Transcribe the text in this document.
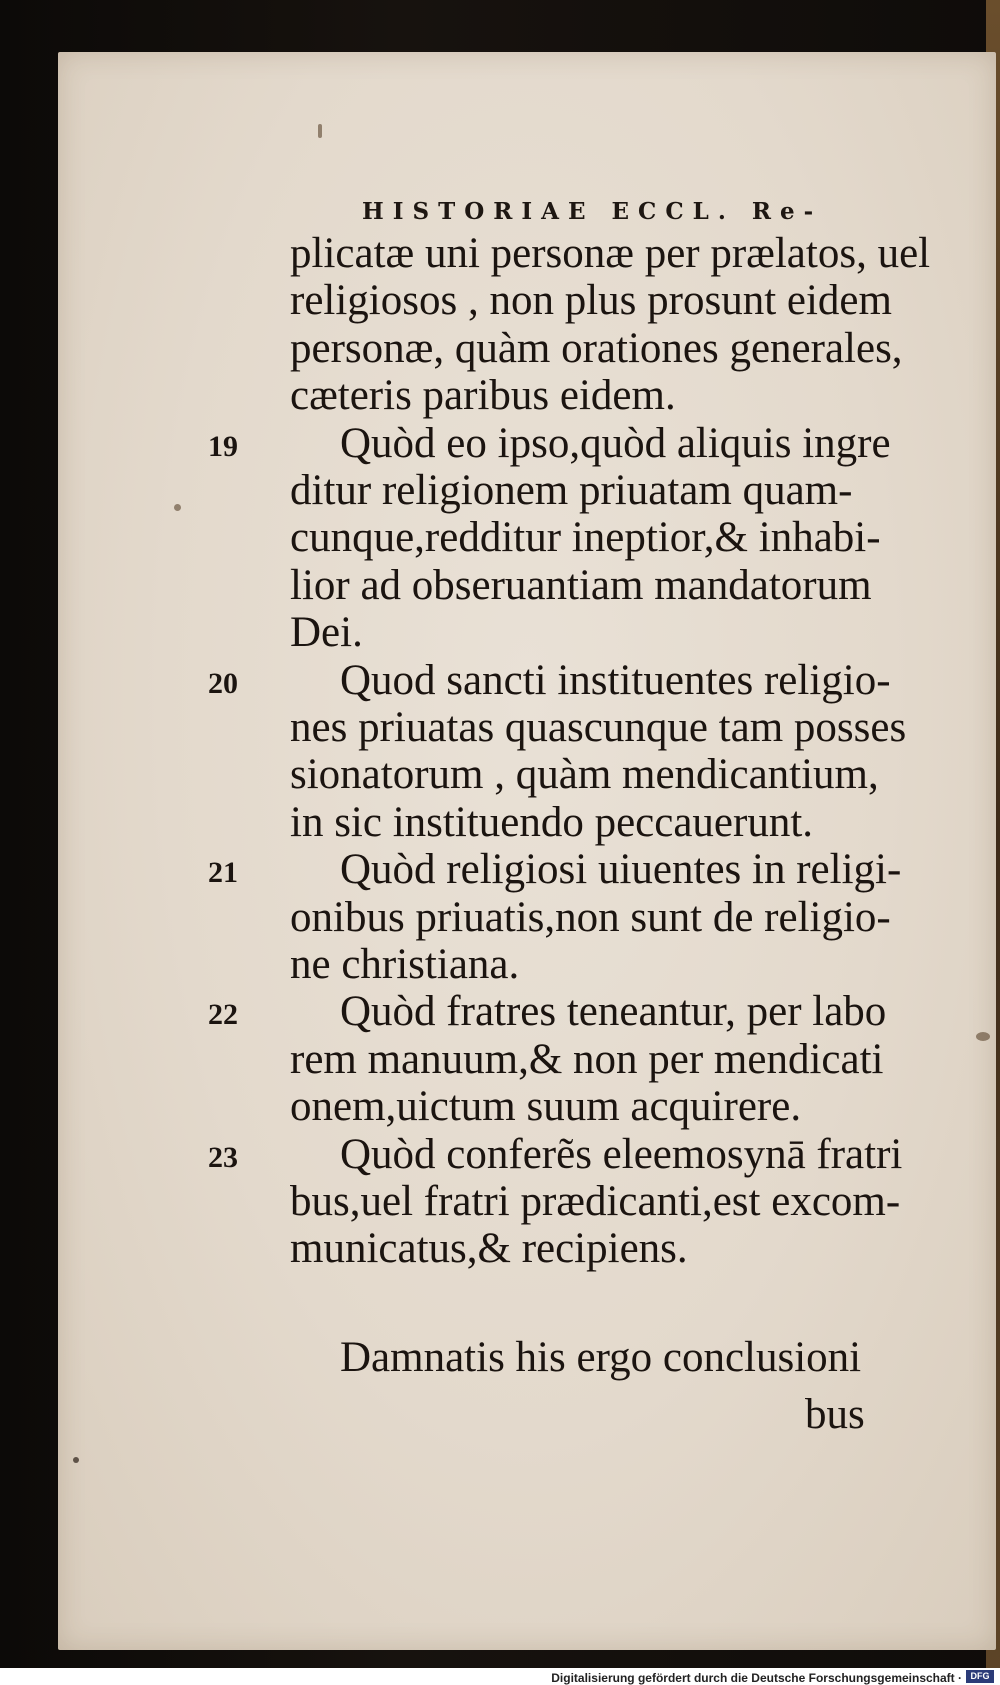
HISTORIAE ECCL. Re-
plicatæ uni personæ per prælatos, uel
religiosos , non plus prosunt eidem
personæ, quàm orationes generales,
cæteris paribus eidem.
Quòd eo ipso,quòd aliquis ingre
19
ditur religionem priuatam quam-
cunque,redditur ineptior,& inhabi-
lior ad obseruantiam mandatorum
Dei.
Quod sancti instituentes religio-
20
nes priuatas quascunque tam posses
sionatorum , quàm mendicantium,
in sic instituendo peccauerunt.
Quòd religiosi uiuentes in religi-
21
onibus priuatis,non sunt de religio-
ne christiana.
Quòd fratres teneantur, per labo
22
rem manuum,& non per mendicati
onem,uictum suum acquirere.
Quòd conferẽs eleemosynā fratri
23
bus,uel fratri prædicanti,est excom-
municatus,& recipiens.
Damnatis his ergo conclusioni
bus
Digitalisierung gefördert durch die Deutsche Forschungsgemeinschaft · DFG
